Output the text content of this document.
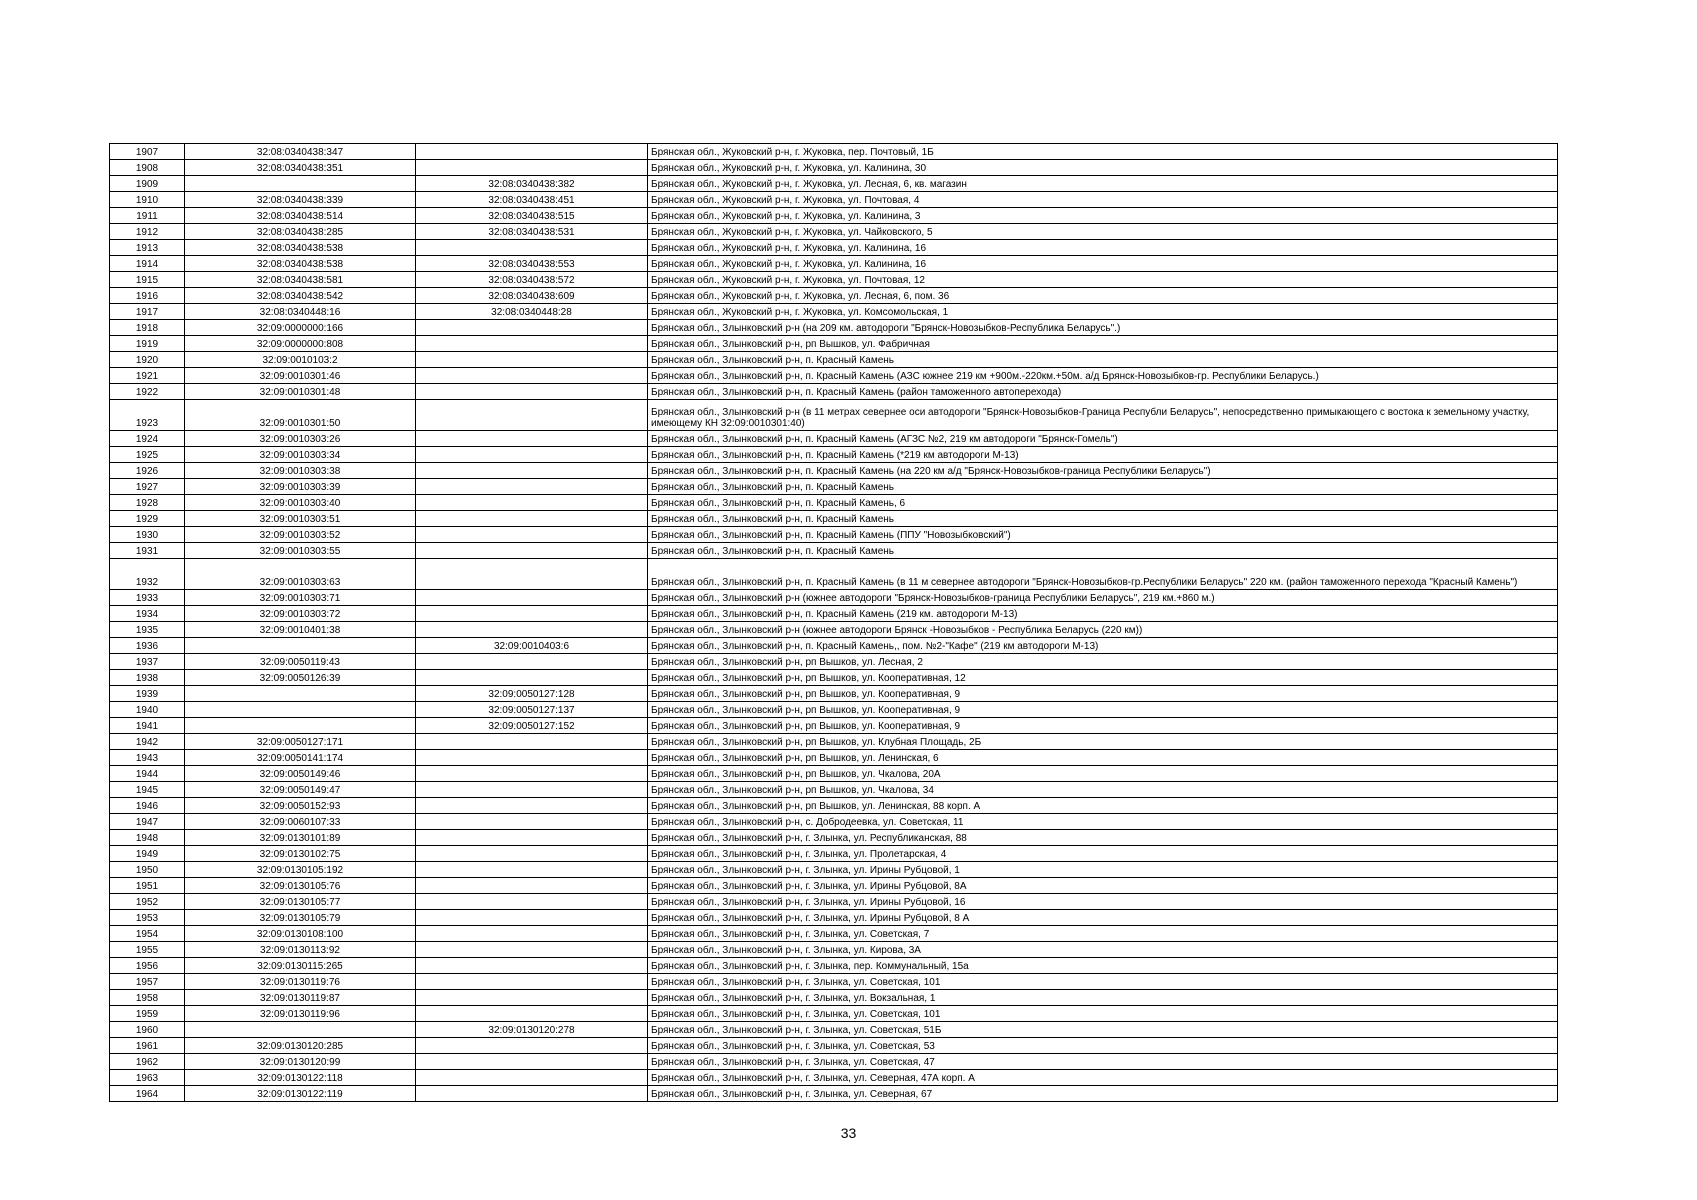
1907	32:08:0340438:347		Брянская обл., Жуковский р-н, г. Жуковка, пер. Почтовый, 1Б
1908	32:08:0340438:351		Брянская обл., Жуковский р-н, г. Жуковка, ул. Калинина, 30
1909		32:08:0340438:382	Брянская обл., Жуковский р-н, г. Жуковка, ул. Лесная, 6, кв. магазин
1910	32:08:0340438:339	32:08:0340438:451	Брянская обл., Жуковский р-н, г. Жуковка, ул. Почтовая, 4
1911	32:08:0340438:514	32:08:0340438:515	Брянская обл., Жуковский р-н, г. Жуковка, ул. Калинина, 3
1912	32:08:0340438:285	32:08:0340438:531	Брянская обл., Жуковский р-н, г. Жуковка, ул. Чайковского, 5
1913	32:08:0340438:538		Брянская обл., Жуковский р-н, г. Жуковка, ул. Калинина, 16
1914	32:08:0340438:538	32:08:0340438:553	Брянская обл., Жуковский р-н, г. Жуковка, ул. Калинина, 16
1915	32:08:0340438:581	32:08:0340438:572	Брянская обл., Жуковский р-н, г. Жуковка, ул. Почтовая, 12
1916	32:08:0340438:542	32:08:0340438:609	Брянская обл., Жуковский р-н, г. Жуковка, ул. Лесная, 6, пом. 36
1917	32:08:0340448:16	32:08:0340448:28	Брянская обл., Жуковский р-н, г. Жуковка, ул. Комсомольская, 1
1918	32:09:0000000:166		Брянская обл., Злынковский р-н (на 209 км. автодороги "Брянск-Новозыбков-Республика Беларусь".)
1919	32:09:0000000:808		Брянская обл., Злынковский р-н, рп Вышков, ул. Фабричная
1920	32:09:0010103:2		Брянская обл., Злынковский р-н, п. Красный Камень
1921	32:09:0010301:46		Брянская обл., Злынковский р-н, п. Красный Камень (АЗС южнее 219 км +900м.-220км.+50м. а/д Брянск-Новозыбков-гр. Республики Беларусь.)
1922	32:09:0010301:48		Брянская обл., Злынковский р-н, п. Красный Камень (район таможенного автоперехода)
1923	32:09:0010301:50		Брянская обл., Злынковский р-н (в 11 метрах севернее оси автодороги "Брянск-Новозыбков-Граница Республи Беларусь", непосредственно примыкающего с востока к земельному участку, имеющему КН 32:09:0010301:40)
1924	32:09:0010303:26		Брянская обл., Злынковский р-н, п. Красный Камень (АГЗС №2, 219 км автодороги "Брянск-Гомель")
1925	32:09:0010303:34		Брянская обл., Злынковский р-н, п. Красный Камень (*219 км автодороги М-13)
1926	32:09:0010303:38		Брянская обл., Злынковский р-н, п. Красный Камень (на 220 км а/д "Брянск-Новозыбков-граница Республики Беларусь")
1927	32:09:0010303:39		Брянская обл., Злынковский р-н, п. Красный Камень
1928	32:09:0010303:40		Брянская обл., Злынковский р-н, п. Красный Камень, 6
1929	32:09:0010303:51		Брянская обл., Злынковский р-н, п. Красный Камень
1930	32:09:0010303:52		Брянская обл., Злынковский р-н, п. Красный Камень (ППУ "Новозыбковский")
1931	32:09:0010303:55		Брянская обл., Злынковский р-н, п. Красный Камень
1932	32:09:0010303:63		Брянская обл., Злынковский р-н, п. Красный Камень (в 11 м севернее автодороги "Брянск-Новозыбков-гр.Республики Беларусь" 220 км. (район таможенного перехода "Красный Камень")
1933	32:09:0010303:71		Брянская обл., Злынковский р-н (южнее автодороги "Брянск-Новозыбков-граница Республики Беларусь", 219 км.+860 м.)
1934	32:09:0010303:72		Брянская обл., Злынковский р-н, п. Красный Камень (219 км. автодороги М-13)
1935	32:09:0010401:38		Брянская обл., Злынковский р-н (южнее автодороги Брянск -Новозыбков - Республика Беларусь (220 км))
1936		32:09:0010403:6	Брянская обл., Злынковский р-н, п. Красный Камень,, пом. №2-"Кафе" (219 км автодороги М-13)
1937	32:09:0050119:43		Брянская обл., Злынковский р-н, рп Вышков, ул. Лесная, 2
1938	32:09:0050126:39		Брянская обл., Злынковский р-н, рп Вышков, ул. Кооперативная, 12
1939		32:09:0050127:128	Брянская обл., Злынковский р-н, рп Вышков, ул. Кооперативная, 9
1940		32:09:0050127:137	Брянская обл., Злынковский р-н, рп Вышков, ул. Кооперативная, 9
1941		32:09:0050127:152	Брянская обл., Злынковский р-н, рп Вышков, ул. Кооперативная, 9
1942	32:09:0050127:171		Брянская обл., Злынковский р-н, рп Вышков, ул. Клубная Площадь, 2Б
1943	32:09:0050141:174		Брянская обл., Злынковский р-н, рп Вышков, ул. Ленинская, 6
1944	32:09:0050149:46		Брянская обл., Злынковский р-н, рп Вышков, ул. Чкалова, 20А
1945	32:09:0050149:47		Брянская обл., Злынковский р-н, рп Вышков, ул. Чкалова, 34
1946	32:09:0050152:93		Брянская обл., Злынковский р-н, рп Вышков, ул. Ленинская, 88 корп. А
1947	32:09:0060107:33		Брянская обл., Злынковский р-н, с. Добродеевка, ул. Советская, 11
1948	32:09:0130101:89		Брянская обл., Злынковский р-н, г. Злынка, ул. Республиканская, 88
1949	32:09:0130102:75		Брянская обл., Злынковский р-н, г. Злынка, ул. Пролетарская, 4
1950	32:09:0130105:192		Брянская обл., Злынковский р-н, г. Злынка, ул. Ирины Рубцовой, 1
1951	32:09:0130105:76		Брянская обл., Злынковский р-н, г. Злынка, ул. Ирины Рубцовой, 8А
1952	32:09:0130105:77		Брянская обл., Злынковский р-н, г. Злынка, ул. Ирины Рубцовой, 16
1953	32:09:0130105:79		Брянская обл., Злынковский р-н, г. Злынка, ул. Ирины Рубцовой, 8 А
1954	32:09:0130108:100		Брянская обл., Злынковский р-н, г. Злынка, ул. Советская, 7
1955	32:09:0130113:92		Брянская обл., Злынковский р-н, г. Злынка, ул. Кирова, 3А
1956	32:09:0130115:265		Брянская обл., Злынковский р-н, г. Злынка, пер. Коммунальный, 15а
1957	32:09:0130119:76		Брянская обл., Злынковский р-н, г. Злынка, ул. Советская, 101
1958	32:09:0130119:87		Брянская обл., Злынковский р-н, г. Злынка, ул. Вокзальная, 1
1959	32:09:0130119:96		Брянская обл., Злынковский р-н, г. Злынка, ул. Советская, 101
1960		32:09:0130120:278	Брянская обл., Злынковский р-н, г. Злынка, ул. Советская, 51Б
1961	32:09:0130120:285		Брянская обл., Злынковский р-н, г. Злынка, ул. Советская, 53
1962	32:09:0130120:99		Брянская обл., Злынковский р-н, г. Злынка, ул. Советская, 47
1963	32:09:0130122:118		Брянская обл., Злынковский р-н, г. Злынка, ул. Северная, 47А корп. А
1964	32:09:0130122:119		Брянская обл., Злынковский р-н, г. Злынка, ул. Северная, 67
33
